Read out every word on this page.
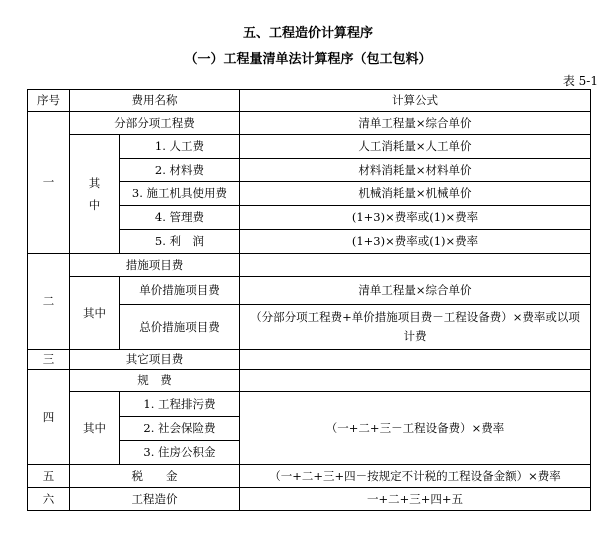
五、工程造价计算程序
（一）工程量清单法计算程序（包工包料）
表 5-1
序号	费用名称		计算公式
一	分部分项工程费		清单工程量×综合单价
	其中	1. 人工费	人工消耗量×人工单价
		2. 材料费	材料消耗量×材料单价
		3. 施工机具使用费	机械消耗量×机械单价
		4. 管理费	(1+3)×费率或(1)×费率
		5. 利　润	(1+3)×费率或(1)×费率
二	措施项目费		
	其中	单价措施项目费	清单工程量×综合单价
		总价措施项目费	（分部分项工程费+单价措施项目费－工程设备费）×费率或以项计费
三	其它项目费		
四	规　费		
	其中	1. 工程排污费	（一+二+三－工程设备费）×费率
		2. 社会保险费	
		3. 住房公积金	
五	税　　金		（一+二+三+四－按规定不计税的工程设备金额）×费率
六	工程造价		一+二+三+四+五
